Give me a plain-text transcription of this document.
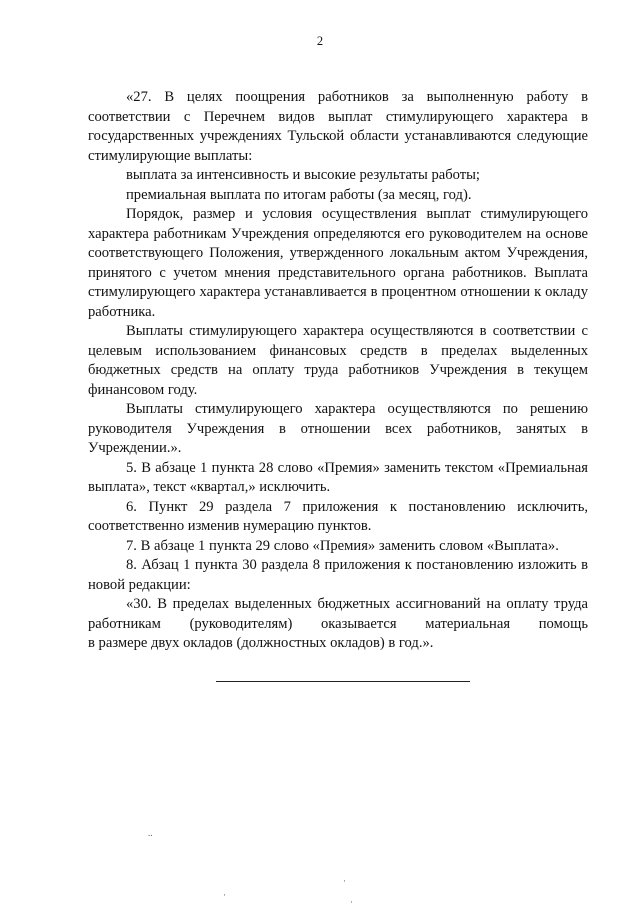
2
«27. В целях поощрения работников за выполненную работу в соответствии с Перечнем видов выплат стимулирующего характера в государственных учреждениях Тульской области устанавливаются следующие стимулирующие выплаты:
выплата за интенсивность и высокие результаты работы;
премиальная выплата по итогам работы (за месяц, год).
Порядок, размер и условия осуществления выплат стимулирующего характера работникам Учреждения определяются его руководителем на основе соответствующего Положения, утвержденного локальным актом Учреждения, принятого с учетом мнения представительного органа работников. Выплата стимулирующего характера устанавливается в процентном отношении к окладу работника.
Выплаты стимулирующего характера осуществляются в соответствии с целевым использованием финансовых средств в пределах выделенных бюджетных средств на оплату труда работников Учреждения в текущем финансовом году.
Выплаты стимулирующего характера осуществляются по решению руководителя Учреждения в отношении всех работников, занятых в Учреждении.».
5. В абзаце 1 пункта 28 слово «Премия» заменить текстом «Премиальная выплата», текст «квартал,» исключить.
6. Пункт 29 раздела 7 приложения к постановлению исключить, соответственно изменив нумерацию пунктов.
7. В абзаце 1 пункта 29 слово «Премия» заменить словом «Выплата».
8. Абзац 1 пункта 30 раздела 8 приложения к постановлению изложить в новой редакции:
«30. В пределах выделенных бюджетных ассигнований на оплату труда работникам (руководителям) оказывается материальная помощь
в размере двух окладов (должностных окладов) в год.».
..
·
·
·
